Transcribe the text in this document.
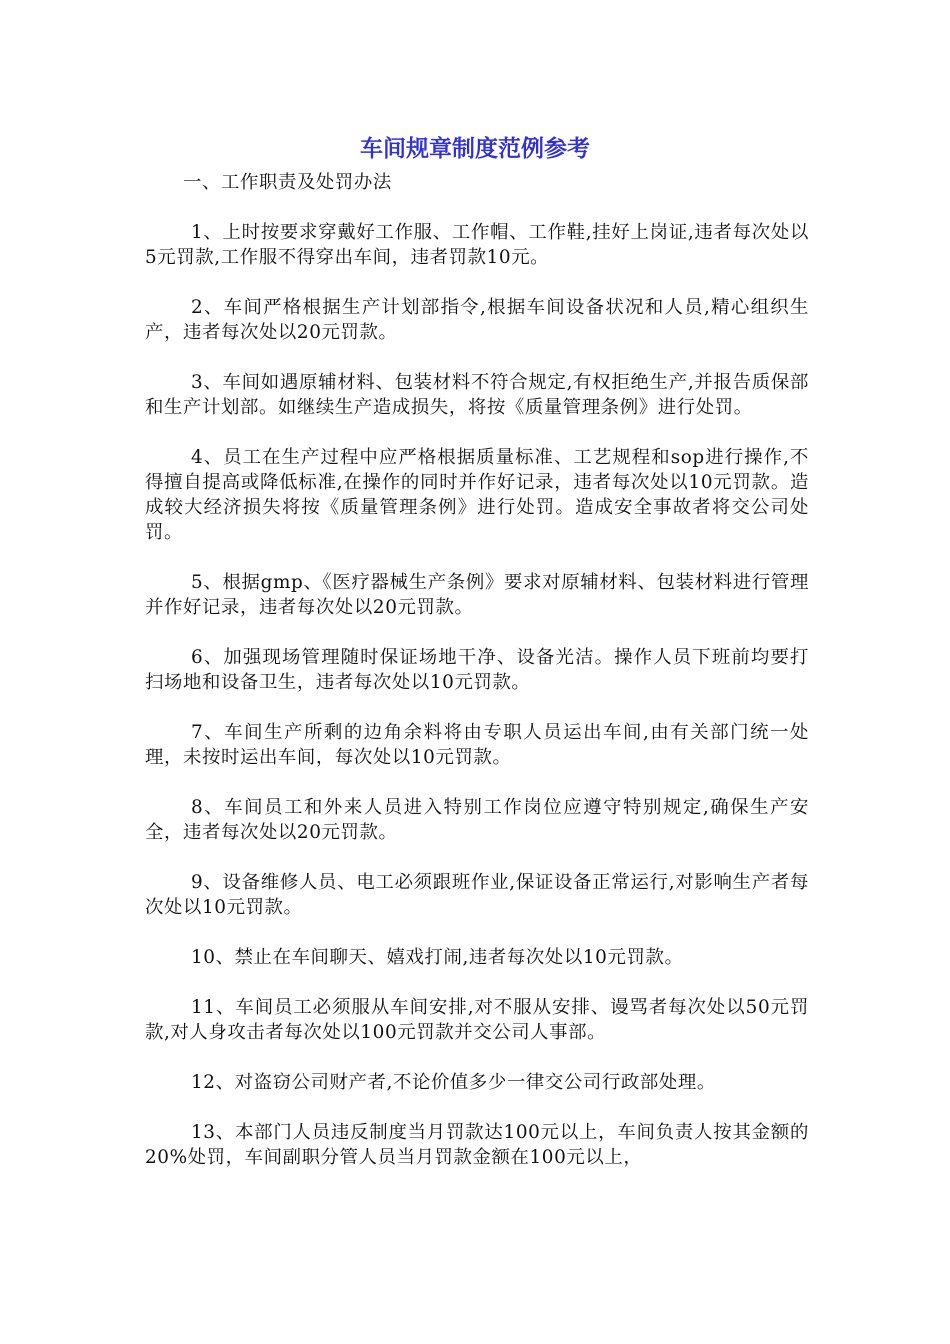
车间规章制度范例参考

一、工作职责及处罚办法

1、上时按要求穿戴好工作服、工作帽、工作鞋,挂好上岗证,违者每次处以5元罚款,工作服不得穿出车间，违者罚款10元。

2、车间严格根据生产计划部指令,根据车间设备状况和人员,精心组织生产，违者每次处以20元罚款。

3、车间如遇原辅材料、包装材料不符合规定,有权拒绝生产,并报告质保部和生产计划部。如继续生产造成损失，将按《质量管理条例》进行处罚。

4、员工在生产过程中应严格根据质量标准、工艺规程和sop进行操作,不得擅自提高或降低标准,在操作的同时并作好记录，违者每次处以10元罚款。造成较大经济损失将按《质量管理条例》进行处罚。造成安全事故者将交公司处罚。

5、根据gmp、《医疗器械生产条例》要求对原辅材料、包装材料进行管理并作好记录，违者每次处以20元罚款。

6、加强现场管理随时保证场地干净、设备光洁。操作人员下班前均要打扫场地和设备卫生，违者每次处以10元罚款。

7、车间生产所剩的边角余料将由专职人员运出车间,由有关部门统一处理，未按时运出车间，每次处以10元罚款。

8、车间员工和外来人员进入特别工作岗位应遵守特别规定,确保生产安全，违者每次处以20元罚款。

9、设备维修人员、电工必须跟班作业,保证设备正常运行,对影响生产者每次处以10元罚款。

10、禁止在车间聊天、嬉戏打闹,违者每次处以10元罚款。

11、车间员工必须服从车间安排,对不服从安排、谩骂者每次处以50元罚款,对人身攻击者每次处以100元罚款并交公司人事部。

12、对盗窃公司财产者,不论价值多少一律交公司行政部处理。

13、本部门人员违反制度当月罚款达100元以上，车间负责人按其金额的20%处罚，车间副职分管人员当月罚款金额在100元以上，
